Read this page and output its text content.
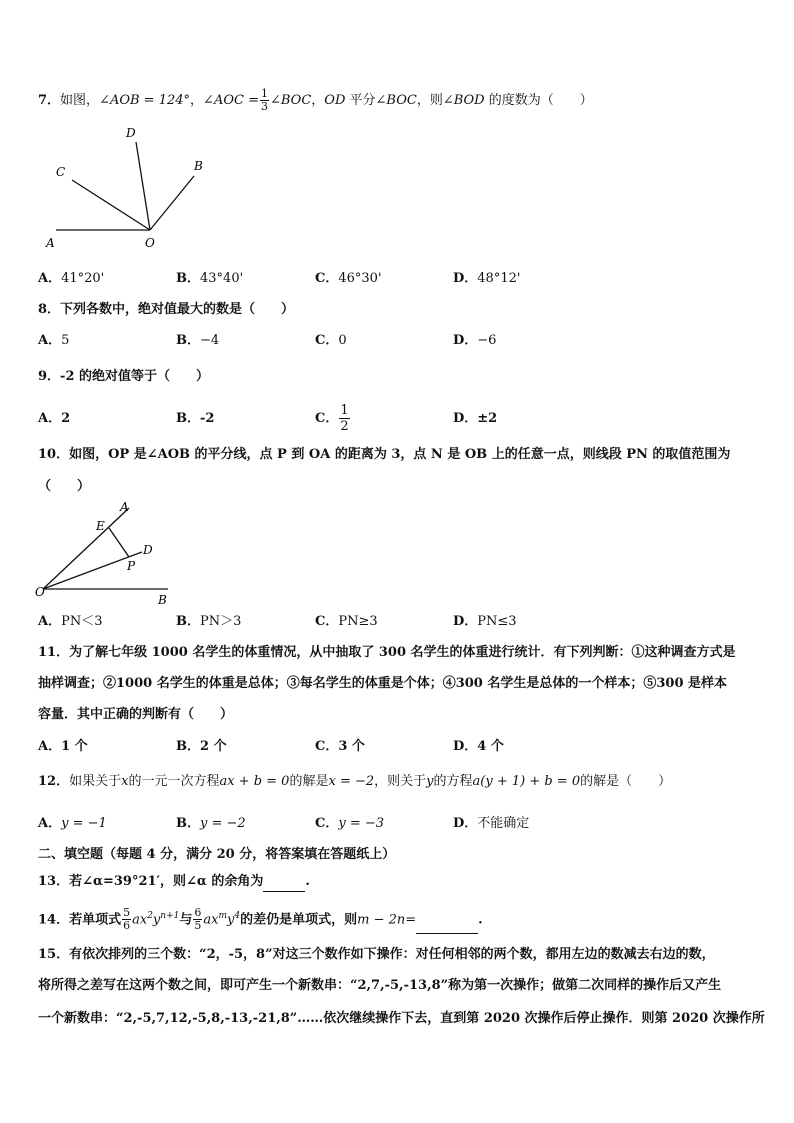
7．如图，∠AOB = 124°，∠AOC = $\frac{1}{3}$ ∠BOC，OD 平分∠BOC，则∠BOD 的度数为（　　）
D
C	B
A	O
A．41°20'	B．43°40'	C．46°30'	D．48°12'
8．下列各数中，绝对值最大的数是（　　）
A．5	B．−4	C．0	D．−6
9．-2 的绝对值等于（　　）
A．2	B．-2	C． $\frac{1}{2}$	D．±2
10．如图，OP 是∠AOB 的平分线，点 P 到 OA 的距离为 3，点 N 是 OB 上的任意一点，则线段 PN 的取值范围为
（　　）
A
E
D
P
O
B
A．PN＜3	B．PN＞3	C．PN≥3	D．PN≤3
11．为了解七年级 1000 名学生的体重情况，从中抽取了 300 名学生的体重进行统计．有下列判断：①这种调查方式是
抽样调查；②1000 名学生的体重是总体；③每名学生的体重是个体；④300 名学生是总体的一个样本；⑤300 是样本
容量．其中正确的判断有（　　）
A．1 个	B．2 个	C．3 个	D．4 个
12．如果关于x的一元一次方程ax + b = 0的解是x = −2，则关于y的方程a(y + 1) + b = 0的解是（　　）
A．y = −1	B．y = −2	C．y = −3	D．不能确定
二、填空题（每题 4 分，满分 20 分，将答案填在答题纸上）
13．若∠α=39°21′，则∠α 的余角为	.
14．若单项式 $\frac{5}{6} ax^2y^{n+1}$与 $\frac{6}{5} ax^my^4$的差仍是单项式，则m − 2n=	.
15．有依次排列的三个数：“2，-5，8”对这三个数作如下操作：对任何相邻的两个数，都用左边的数减去右边的数，
将所得之差写在这两个数之间，即可产生一个新数串：“2,7,-5,-13,8”称为第一次操作；做第二次同样的操作后又产生
一个新数串：“2,-5,7,12,-5,8,-13,-21,8”……依次继续操作下去，直到第 2020 次操作后停止操作．则第 2020 次操作所
